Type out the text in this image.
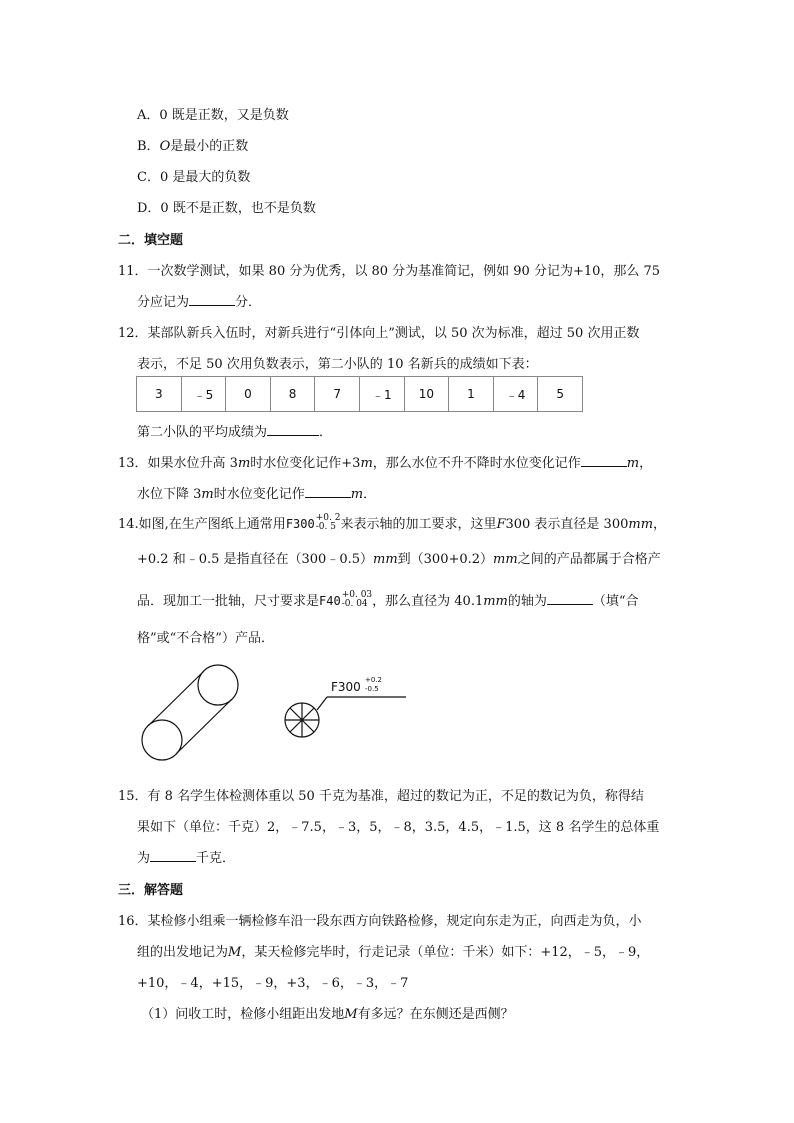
A．0 既是正数，又是负数
B．O是最小的正数
C．0 是最大的负数
D．0 既不是正数，也不是负数
二．填空题
11．一次数学测试，如果 80 分为优秀，以 80 分为基准简记，例如 90 分记为+10，那么 75
分应记为	分．
12．某部队新兵入伍时，对新兵进行“引体向上”测试，以 50 次为标准，超过 50 次用正数
表示，不足 50 次用负数表示，第二小队的 10 名新兵的成绩如下表：
3	﹣5	0	8	7	﹣1	10	1	﹣4	5
第二小队的平均成绩为	．
13．如果水位升高 3m时水位变化记作+3m，那么水位不升不降时水位变化记作	m，
水位下降 3m时水位变化记作	m．
14.如图,在生产图纸上通常用F300+0. 2
-0. 5 来表示轴的加工要求，这里F300 表示直径是 300mm，
+0.2 和﹣0.5 是指直径在（300﹣0.5）mm到（300+0.2）mm之间的产品都属于合格产
品．现加工一批轴，尺寸要求是F40+0. 03
-0. 04 ，那么直径为 40.1mm的轴为	（填“合
格”或“不合格”）产品．
F300 +0.2
-0.5
15．有 8 名学生体检测体重以 50 千克为基准，超过的数记为正，不足的数记为负，称得结
果如下（单位：千克）2，﹣7.5，﹣3，5，﹣8，3.5，4.5，﹣1.5，这 8 名学生的总体重
为	千克．
三．解答题
16．某检修小组乘一辆检修车沿一段东西方向铁路检修，规定向东走为正，向西走为负，小
组的出发地记为M，某天检修完毕时，行走记录（单位：千米）如下：+12，﹣5，﹣9，
+10，﹣4，+15，﹣9，+3，﹣6，﹣3，﹣7
（1）问收工时，检修小组距出发地M有多远？在东侧还是西侧？
